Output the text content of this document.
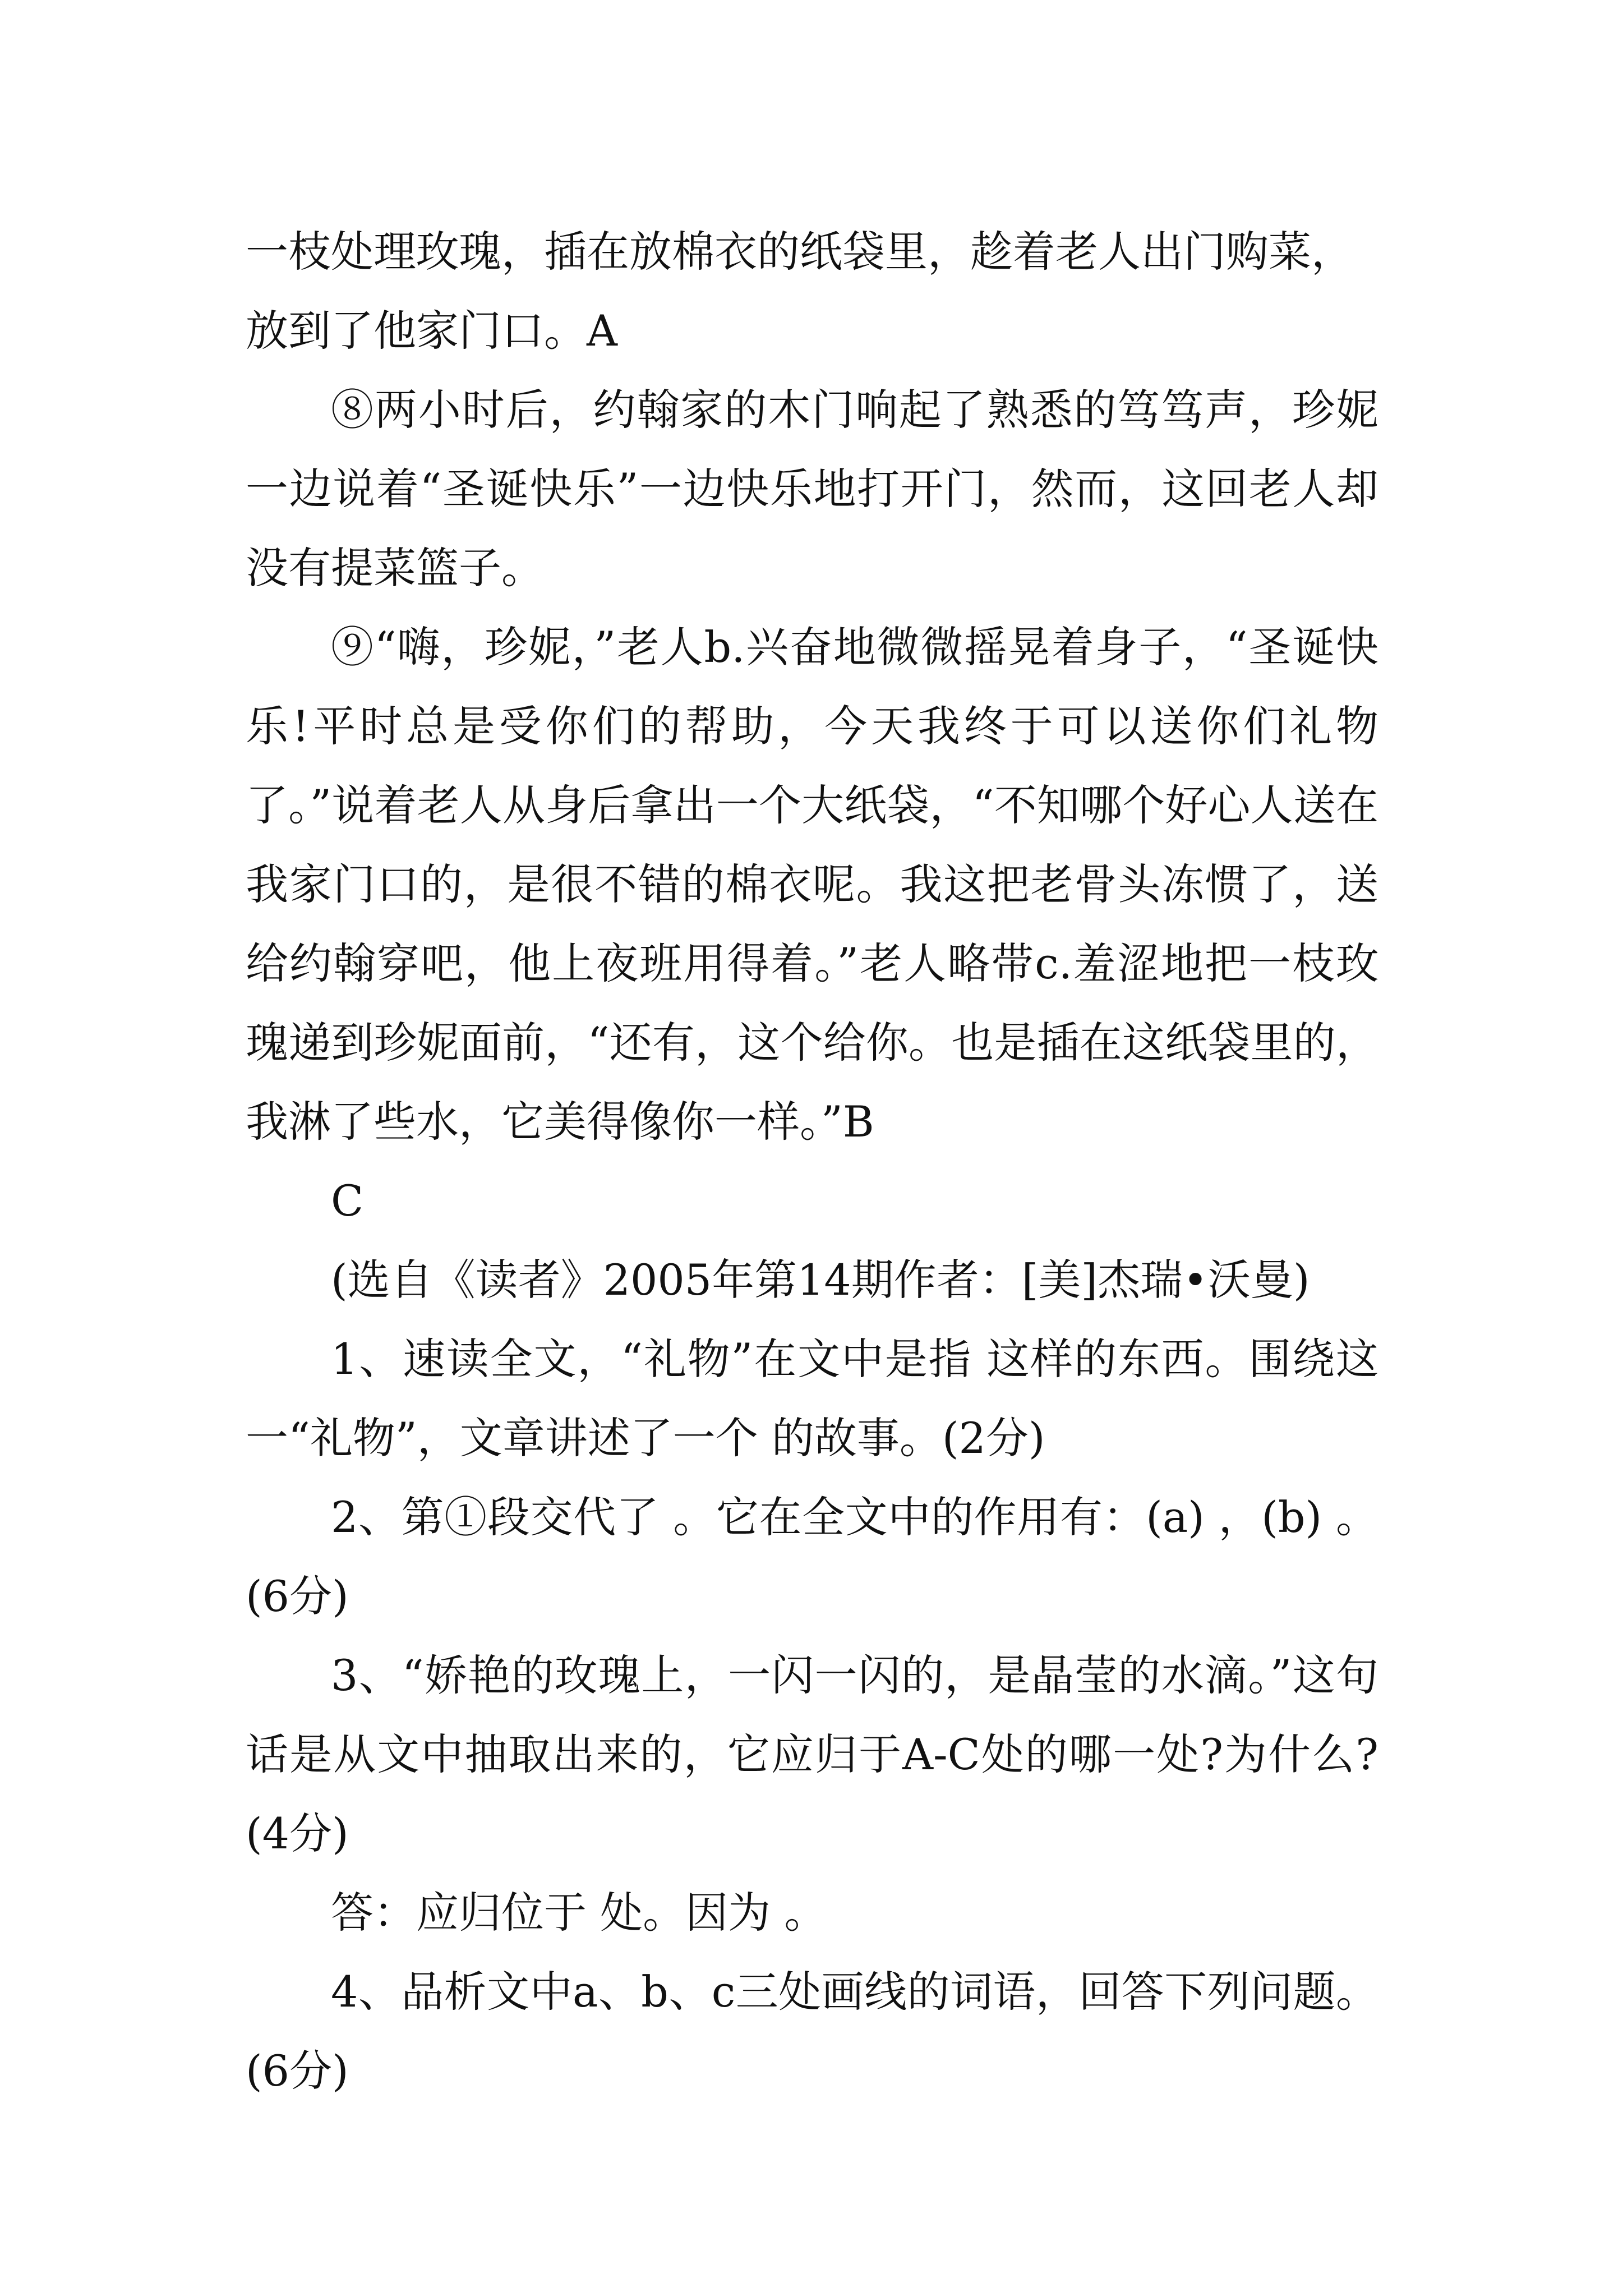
一枝处理玫瑰，插在放棉衣的纸袋里，趁着老人出门购菜，放到了他家门口。A

⑧两小时后，约翰家的木门响起了熟悉的笃笃声，珍妮一边说着“圣诞快乐”一边快乐地打开门，然而，这回老人却没有提菜篮子。

⑨“嗨，珍妮，”老人b.兴奋地微微摇晃着身子，“圣诞快乐!平时总是受你们的帮助，今天我终于可以送你们礼物了。”说着老人从身后拿出一个大纸袋，“不知哪个好心人送在我家门口的，是很不错的棉衣呢。我这把老骨头冻惯了，送给约翰穿吧，他上夜班用得着。”老人略带c.羞涩地把一枝玫瑰递到珍妮面前，“还有，这个给你。也是插在这纸袋里的，我淋了些水，它美得像你一样。”B

C

(选自《读者》2005年第14期作者：[美]杰瑞•沃曼)

1、速读全文，“礼物”在文中是指 这样的东西。围绕这一“礼物”，文章讲述了一个 的故事。(2分)

2、第①段交代了 。它在全文中的作用有：(a) ，(b) 。(6分)

3、“娇艳的玫瑰上，一闪一闪的，是晶莹的水滴。”这句话是从文中抽取出来的，它应归于A-C处的哪一处?为什么?(4分)

答：应归位于 处。因为 。

4、品析文中a、b、c三处画线的词语，回答下列问题。(6分)
